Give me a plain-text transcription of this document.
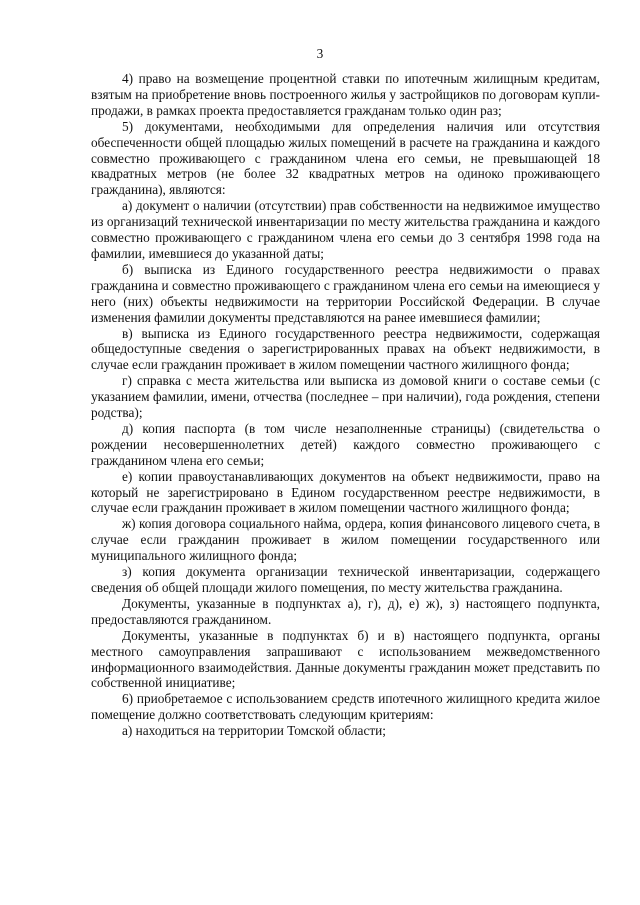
3

4) право на возмещение процентной ставки по ипотечным жилищным кредитам, взятым на приобретение вновь построенного жилья у застройщиков по договорам купли-продажи, в рамках проекта предоставляется гражданам только один раз;

5) документами, необходимыми для определения наличия или отсутствия обеспеченности общей площадью жилых помещений в расчете на гражданина и каждого совместно проживающего с гражданином члена его семьи, не превышающей 18 квадратных метров (не более 32 квадратных метров на одиноко проживающего гражданина), являются:

а) документ о наличии (отсутствии) прав собственности на недвижимое имущество из организаций технической инвентаризации по месту жительства гражданина и каждого совместно проживающего с гражданином члена его семьи до 3 сентября 1998 года на фамилии, имевшиеся до указанной даты;

б) выписка из Единого государственного реестра недвижимости о правах гражданина и совместно проживающего с гражданином члена его семьи на имеющиеся у него (них) объекты недвижимости на территории Российской Федерации. В случае изменения фамилии документы представляются на ранее имевшиеся фамилии;

в) выписка из Единого государственного реестра недвижимости, содержащая общедоступные сведения о зарегистрированных правах на объект недвижимости, в случае если гражданин проживает в жилом помещении частного жилищного фонда;

г) справка с места жительства или выписка из домовой книги о составе семьи (с указанием фамилии, имени, отчества (последнее – при наличии), года рождения, степени родства);

д) копия паспорта (в том числе незаполненные страницы) (свидетельства о рождении несовершеннолетних детей) каждого совместно проживающего с гражданином члена его семьи;

е) копии правоустанавливающих документов на объект недвижимости, право на который не зарегистрировано в Едином государственном реестре недвижимости, в случае если гражданин проживает в жилом помещении частного жилищного фонда;

ж) копия договора социального найма, ордера, копия финансового лицевого счета, в случае если гражданин проживает в жилом помещении государственного или муниципального жилищного фонда;

з) копия документа организации технической инвентаризации, содержащего сведения об общей площади жилого помещения, по месту жительства гражданина.

Документы, указанные в подпунктах а), г), д), е) ж), з) настоящего подпункта, предоставляются гражданином.

Документы, указанные в подпунктах б) и в) настоящего подпункта, органы местного самоуправления запрашивают с использованием межведомственного информационного взаимодействия. Данные документы гражданин может представить по собственной инициативе;

6) приобретаемое с использованием средств ипотечного жилищного кредита жилое помещение должно соответствовать следующим критериям:

а) находиться на территории Томской области;
